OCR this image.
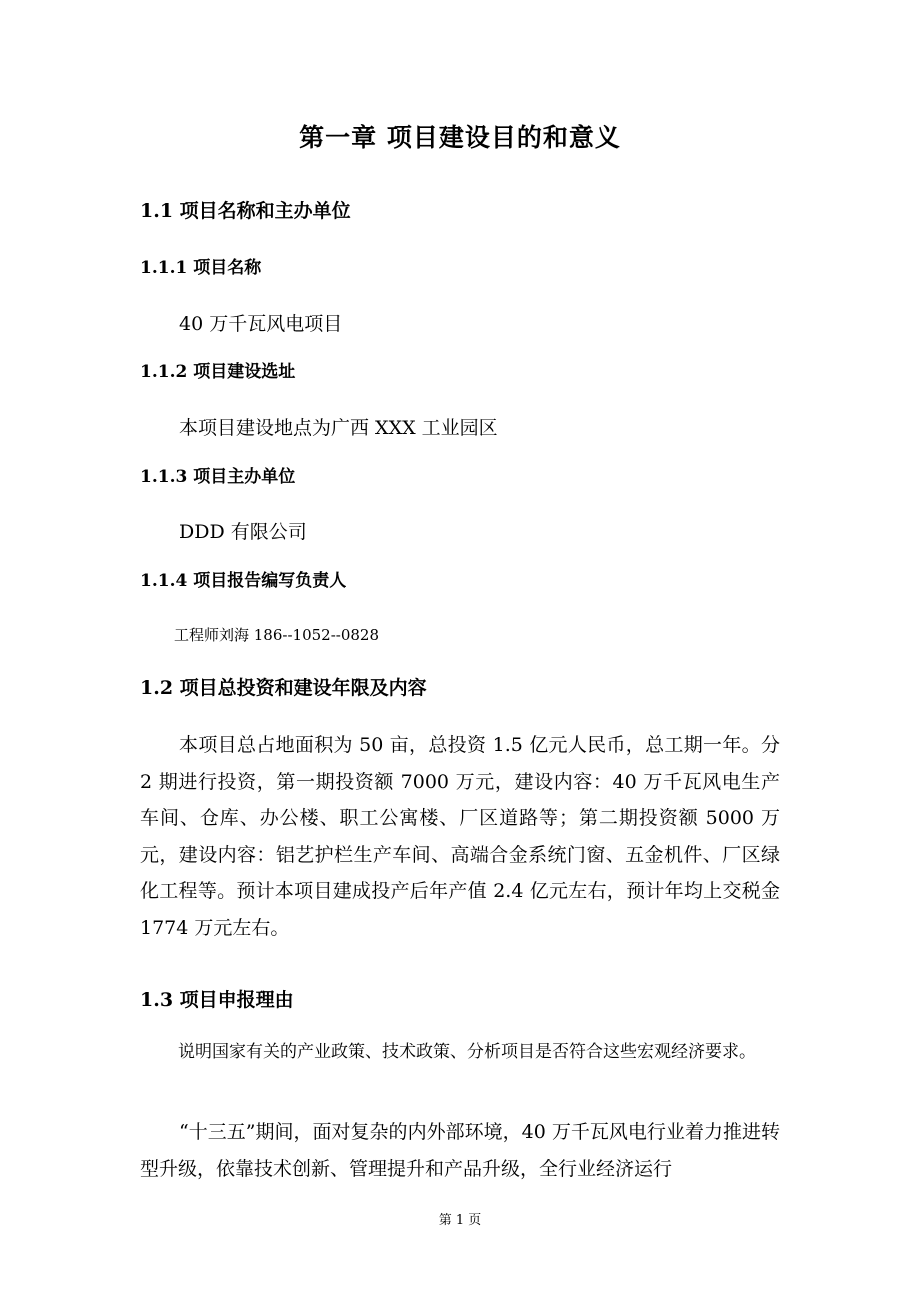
第一章 项目建设目的和意义
1.1 项目名称和主办单位
1.1.1 项目名称
40 万千瓦风电项目
1.1.2 项目建设选址
本项目建设地点为广西 XXX 工业园区
1.1.3 项目主办单位
DDD 有限公司
1.1.4 项目报告编写负责人
工程师刘海 186--1052--0828
1.2 项目总投资和建设年限及内容
本项目总占地面积为 50 亩，总投资 1.5 亿元人民币，总工期一年。分 2 期进行投资，第一期投资额 7000 万元，建设内容：40 万千瓦风电生产车间、仓库、办公楼、职工公寓楼、厂区道路等；第二期投资额 5000 万元，建设内容：铝艺护栏生产车间、高端合金系统门窗、五金机件、厂区绿化工程等。预计本项目建成投产后年产值 2.4 亿元左右，预计年均上交税金 1774 万元左右。
1.3 项目申报理由
说明国家有关的产业政策、技术政策、分析项目是否符合这些宏观经济要求。
“十三五”期间，面对复杂的内外部环境，40 万千瓦风电行业着力推进转型升级，依靠技术创新、管理提升和产品升级，全行业经济运行
第 1 页
